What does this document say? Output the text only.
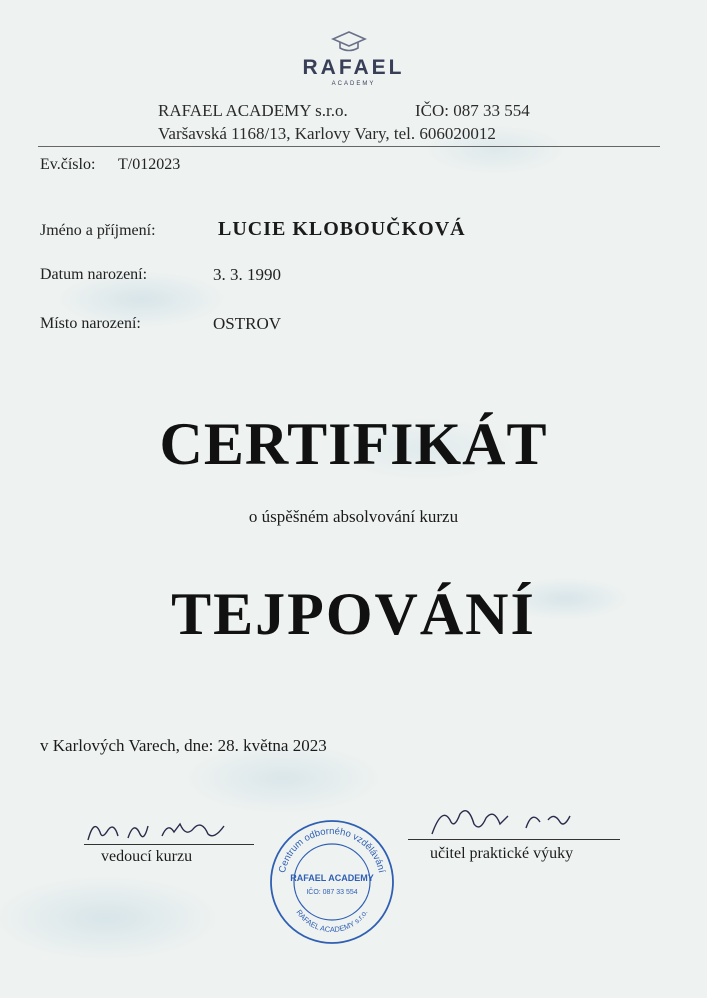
RAFAEL
ACADEMY
RAFAEL ACADEMY s.r.o.	IČO: 087 33 554
Varšavská 1168/13, Karlovy Vary, tel. 606020012
Ev.číslo: T/012023
Jméno a příjmení:	LUCIE KLOBOUČKOVÁ
Datum narození:	3. 3. 1990
Místo narození:	OSTROV
CERTIFIKÁT
o úspěšném absolvování kurzu
TEJPOVÁNÍ
v Karlových Varech, dne: 28. května 2023
vedoucí kurzu	učitel praktické výuky
Centrum odborného vzdělávání
RAFAEL ACADEMY
IČO: 087 33 554
RAFAEL ACADEMY s.r.o.
